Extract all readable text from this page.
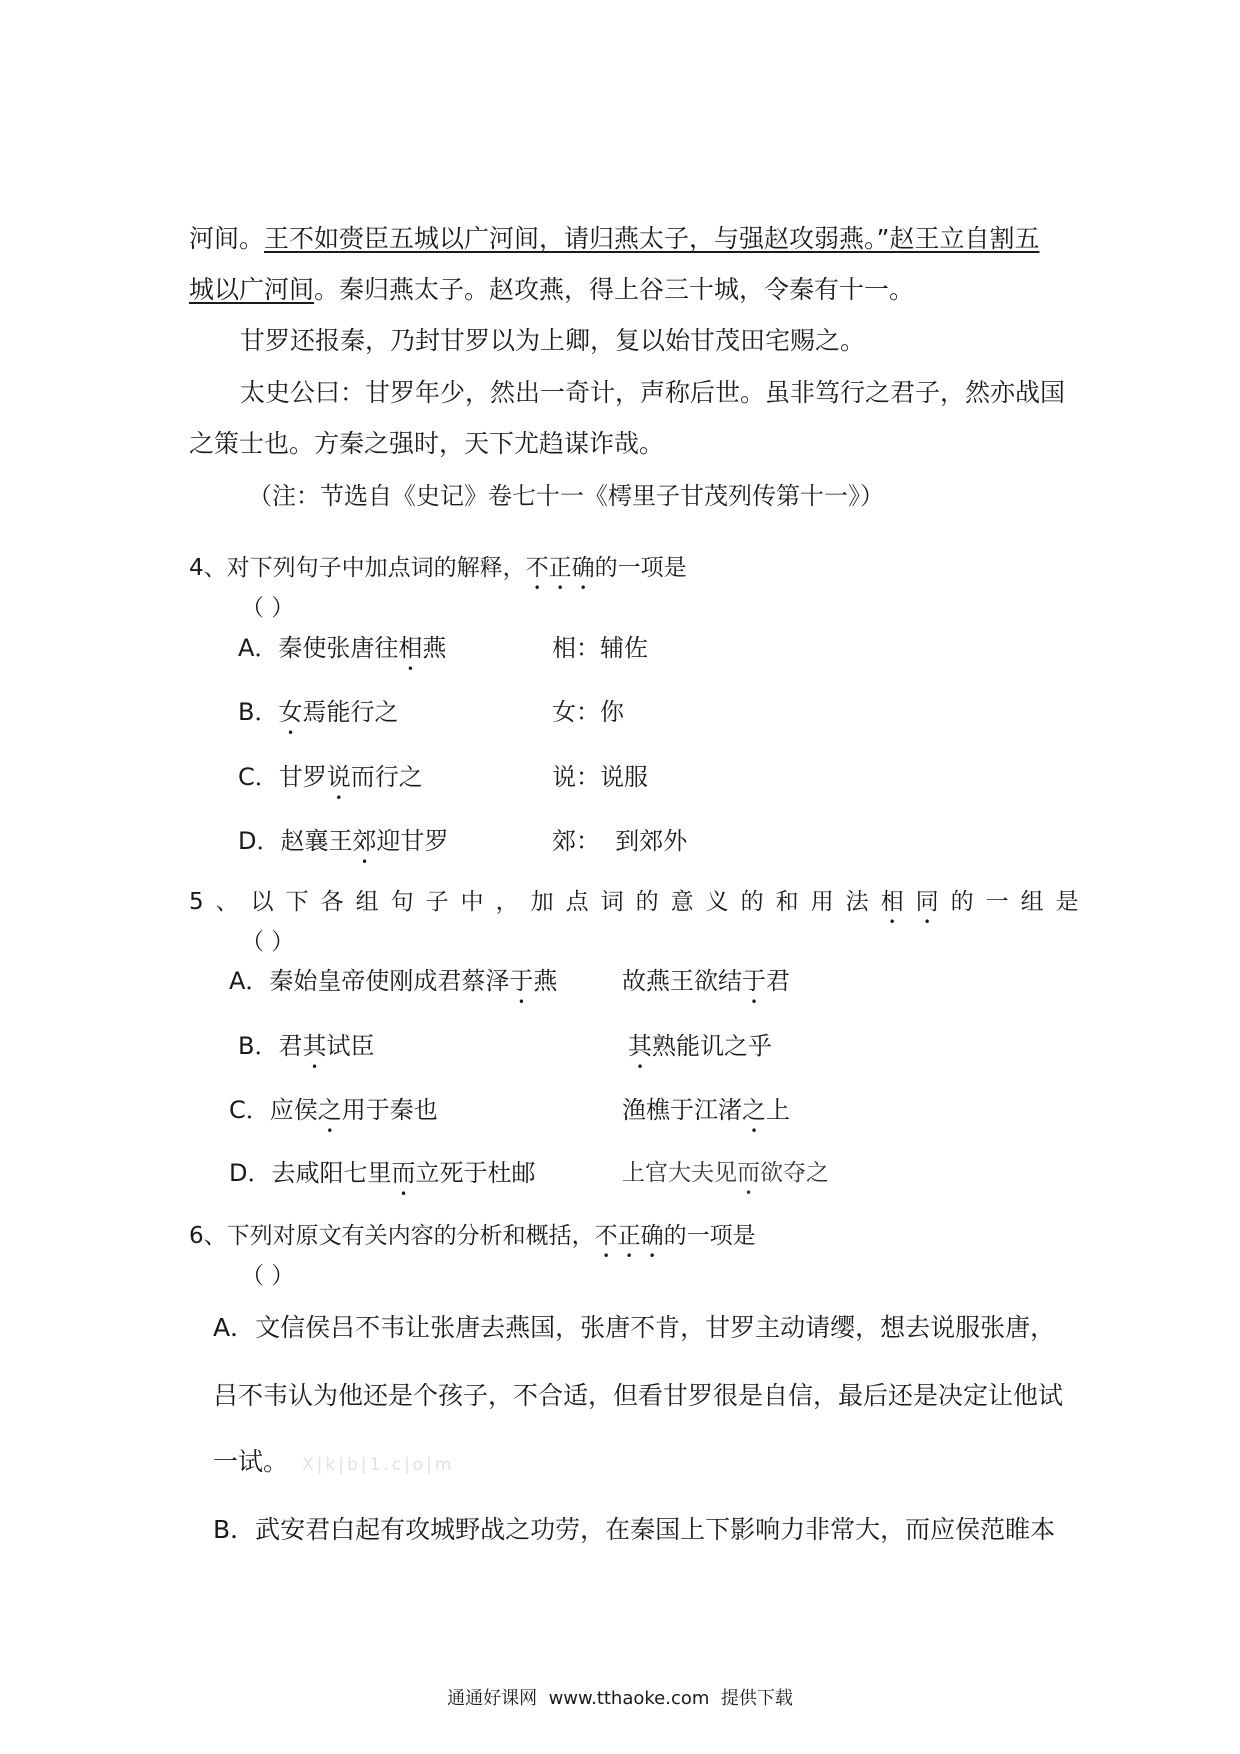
河间。王不如赍臣五城以广河间，请归燕太子，与强赵攻弱燕。”赵王立自割五
城以广河间。秦归燕太子。赵攻燕，得上谷三十城，令秦有十一。
甘罗还报秦，乃封甘罗以为上卿，复以始甘茂田宅赐之。
太史公曰：甘罗年少，然出一奇计，声称后世。虽非笃行之君子，然亦战国
之策士也。方秦之强时，天下尤趋谋诈哉。
（注：节选自《史记》卷七十一《樗里子甘茂列传第十一》）
4、对下列句子中加点词的解释，不正确的一项是
（ ）
A．秦使张唐往相燕	相：辅佐
B．女焉能行之	女：你
C．甘罗说而行之	说：说服
D．赵襄王郊迎甘罗	郊：  到郊外
5、以下各组句子中，加点词的意义的和用法相同的一组是
（ ）
A．秦始皇帝使刚成君蔡泽于燕	故燕王欲结于君
B．君其试臣	其熟能讥之乎
C．应侯之用于秦也	渔樵于江渚之上
D．去咸阳七里而立死于杜邮	上官大夫见而欲夺之
6、下列对原文有关内容的分析和概括，不正确的一项是
（ ）
A．文信侯吕不韦让张唐去燕国，张唐不肯，甘罗主动请缨，想去说服张唐，
吕不韦认为他还是个孩子，不合适，但看甘罗很是自信，最后还是决定让他试
一试。 X|k|b|1.c|o|m
B．武安君白起有攻城野战之功劳，在秦国上下影响力非常大，而应侯范睢本
通通好课网  www.tthaoke.com  提供下载
